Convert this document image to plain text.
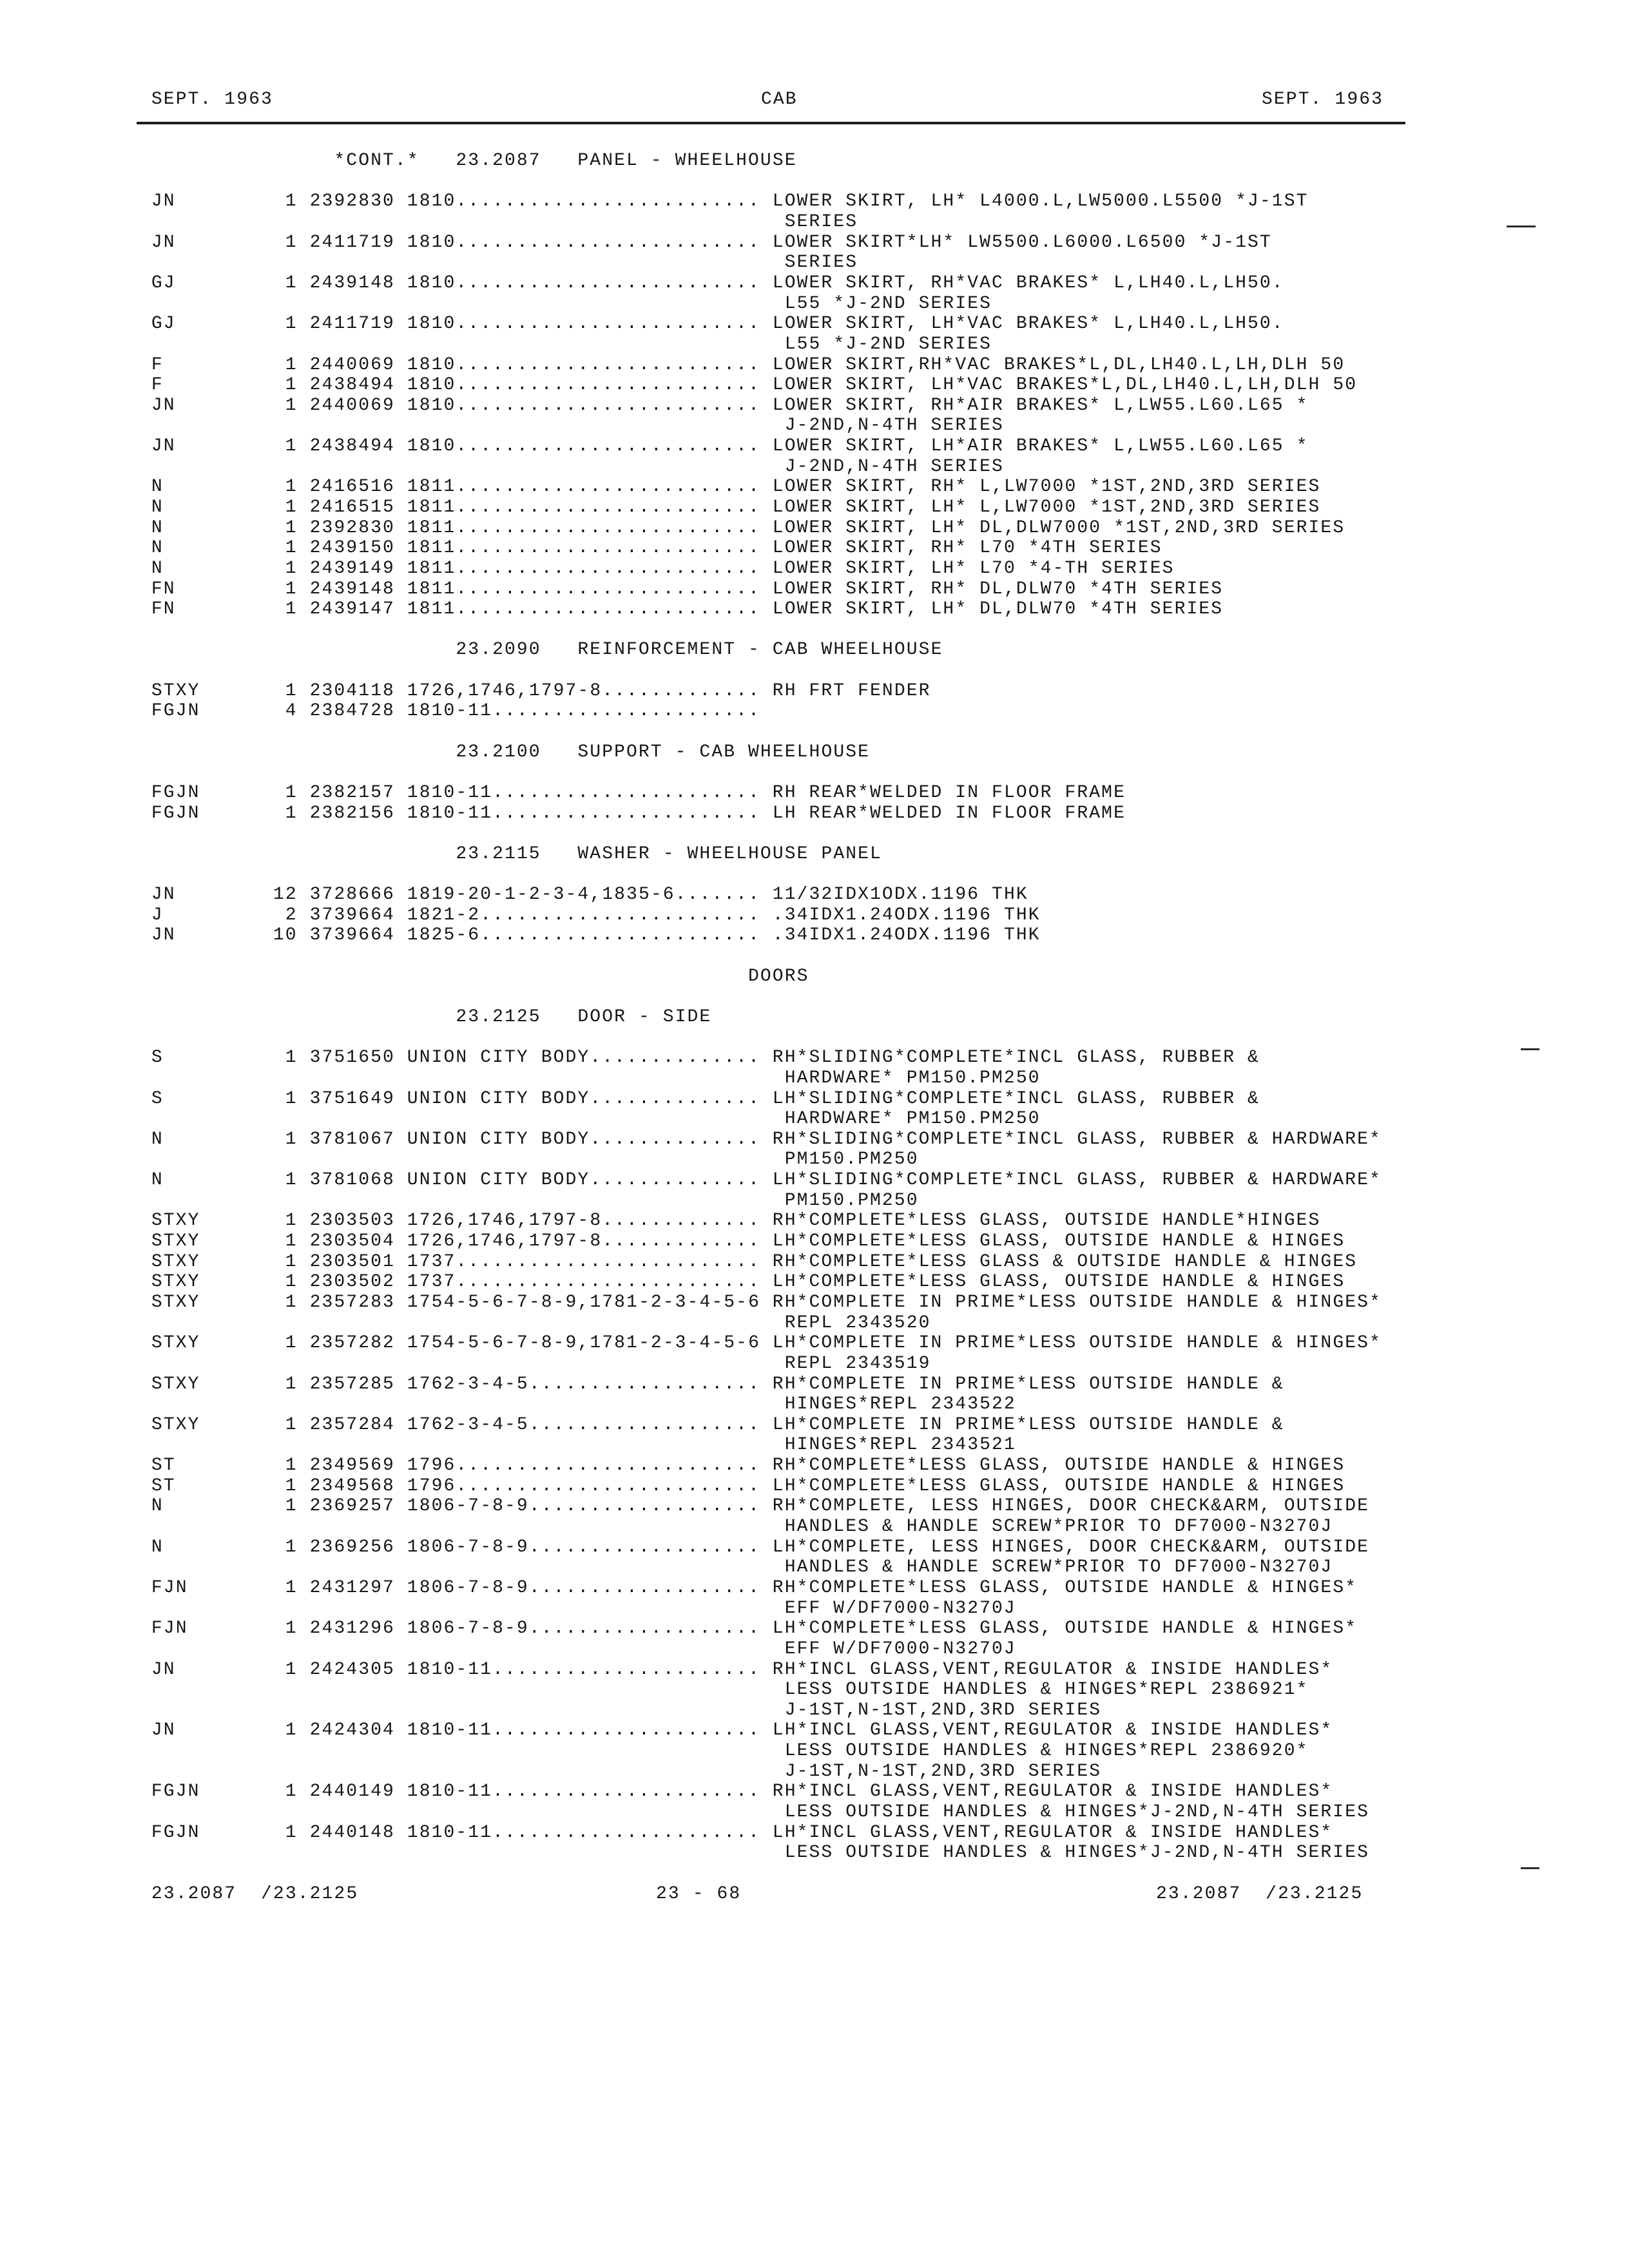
SEPT. 1963	CAB	SEPT. 1963
*CONT.* 23.2087 PANEL - WHEELHOUSE
JN	1 2392830 1810......................... LOWER SKIRT, LH* L4000.L,LW5000.L5500 *J-1ST
SERIES
JN	1 2411719 1810......................... LOWER SKIRT*LH* LW5500.L6000.L6500 *J-1ST
SERIES
GJ	1 2439148 1810......................... LOWER SKIRT, RH*VAC BRAKES* L,LH40.L,LH50.
L55 *J-2ND SERIES
GJ	1 2411719 1810......................... LOWER SKIRT, LH*VAC BRAKES* L,LH40.L,LH50.
L55 *J-2ND SERIES
F	1 2440069 1810......................... LOWER SKIRT,RH*VAC BRAKES*L,DL,LH40.L,LH,DLH 50
F	1 2438494 1810......................... LOWER SKIRT, LH*VAC BRAKES*L,DL,LH40.L,LH,DLH 50
JN	1 2440069 1810......................... LOWER SKIRT, RH*AIR BRAKES* L,LW55.L60.L65 *
J-2ND,N-4TH SERIES
JN	1 2438494 1810......................... LOWER SKIRT, LH*AIR BRAKES* L,LW55.L60.L65 *
J-2ND,N-4TH SERIES
N	1 2416516 1811......................... LOWER SKIRT, RH* L,LW7000 *1ST,2ND,3RD SERIES
N	1 2416515 1811......................... LOWER SKIRT, LH* L,LW7000 *1ST,2ND,3RD SERIES
N	1 2392830 1811......................... LOWER SKIRT, LH* DL,DLW7000 *1ST,2ND,3RD SERIES
N	1 2439150 1811......................... LOWER SKIRT, RH* L70 *4TH SERIES
N	1 2439149 1811......................... LOWER SKIRT, LH* L70 *4-TH SERIES
FN	1 2439148 1811......................... LOWER SKIRT, RH* DL,DLW70 *4TH SERIES
FN	1 2439147 1811......................... LOWER SKIRT, LH* DL,DLW70 *4TH SERIES
23.2090 REINFORCEMENT - CAB WHEELHOUSE
STXY	1 2304118 1726,1746,1797-8............. RH FRT FENDER
FGJN	4 2384728 1810-11......................
23.2100 SUPPORT - CAB WHEELHOUSE
FGJN	1 2382157 1810-11...................... RH REAR*WELDED IN FLOOR FRAME
FGJN	1 2382156 1810-11...................... LH REAR*WELDED IN FLOOR FRAME
23.2115 WASHER - WHEELHOUSE PANEL
JN	12 3728666 1819-20-1-2-3-4,1835-6....... 11/32IDX1ODX.1196 THK
J	2 3739664 1821-2....................... .34IDX1.24ODX.1196 THK
JN	10 3739664 1825-6....................... .34IDX1.24ODX.1196 THK
DOORS
23.2125 DOOR - SIDE
S	1 3751650 UNION CITY BODY.............. RH*SLIDING*COMPLETE*INCL GLASS, RUBBER &
HARDWARE* PM150.PM250
S	1 3751649 UNION CITY BODY.............. LH*SLIDING*COMPLETE*INCL GLASS, RUBBER &
HARDWARE* PM150.PM250
N	1 3781067 UNION CITY BODY.............. RH*SLIDING*COMPLETE*INCL GLASS, RUBBER & HARDWARE*
PM150.PM250
N	1 3781068 UNION CITY BODY.............. LH*SLIDING*COMPLETE*INCL GLASS, RUBBER & HARDWARE*
PM150.PM250
STXY	1 2303503 1726,1746,1797-8............. RH*COMPLETE*LESS GLASS, OUTSIDE HANDLE*HINGES
STXY	1 2303504 1726,1746,1797-8............. LH*COMPLETE*LESS GLASS, OUTSIDE HANDLE & HINGES
STXY	1 2303501 1737......................... RH*COMPLETE*LESS GLASS & OUTSIDE HANDLE & HINGES
STXY	1 2303502 1737......................... LH*COMPLETE*LESS GLASS, OUTSIDE HANDLE & HINGES
STXY	1 2357283 1754-5-6-7-8-9,1781-2-3-4-5-6 RH*COMPLETE IN PRIME*LESS OUTSIDE HANDLE & HINGES*
REPL 2343520
STXY	1 2357282 1754-5-6-7-8-9,1781-2-3-4-5-6 LH*COMPLETE IN PRIME*LESS OUTSIDE HANDLE & HINGES*
REPL 2343519
STXY	1 2357285 1762-3-4-5................... RH*COMPLETE IN PRIME*LESS OUTSIDE HANDLE &
HINGES*REPL 2343522
STXY	1 2357284 1762-3-4-5................... LH*COMPLETE IN PRIME*LESS OUTSIDE HANDLE &
HINGES*REPL 2343521
ST	1 2349569 1796......................... RH*COMPLETE*LESS GLASS, OUTSIDE HANDLE & HINGES
ST	1 2349568 1796......................... LH*COMPLETE*LESS GLASS, OUTSIDE HANDLE & HINGES
N	1 2369257 1806-7-8-9................... RH*COMPLETE, LESS HINGES, DOOR CHECK&ARM, OUTSIDE
HANDLES & HANDLE SCREW*PRIOR TO DF7000-N3270J
N	1 2369256 1806-7-8-9................... LH*COMPLETE, LESS HINGES, DOOR CHECK&ARM, OUTSIDE
HANDLES & HANDLE SCREW*PRIOR TO DF7000-N3270J
FJN	1 2431297 1806-7-8-9................... RH*COMPLETE*LESS GLASS, OUTSIDE HANDLE & HINGES*
EFF W/DF7000-N3270J
FJN	1 2431296 1806-7-8-9................... LH*COMPLETE*LESS GLASS, OUTSIDE HANDLE & HINGES*
EFF W/DF7000-N3270J
JN	1 2424305 1810-11...................... RH*INCL GLASS,VENT,REGULATOR & INSIDE HANDLES*
LESS OUTSIDE HANDLES & HINGES*REPL 2386921*
J-1ST,N-1ST,2ND,3RD SERIES
JN	1 2424304 1810-11...................... LH*INCL GLASS,VENT,REGULATOR & INSIDE HANDLES*
LESS OUTSIDE HANDLES & HINGES*REPL 2386920*
J-1ST,N-1ST,2ND,3RD SERIES
FGJN	1 2440149 1810-11...................... RH*INCL GLASS,VENT,REGULATOR & INSIDE HANDLES*
LESS OUTSIDE HANDLES & HINGES*J-2ND,N-4TH SERIES
FGJN	1 2440148 1810-11...................... LH*INCL GLASS,VENT,REGULATOR & INSIDE HANDLES*
LESS OUTSIDE HANDLES & HINGES*J-2ND,N-4TH SERIES
23.2087  /23.2125	23 - 68	23.2087  /23.2125
